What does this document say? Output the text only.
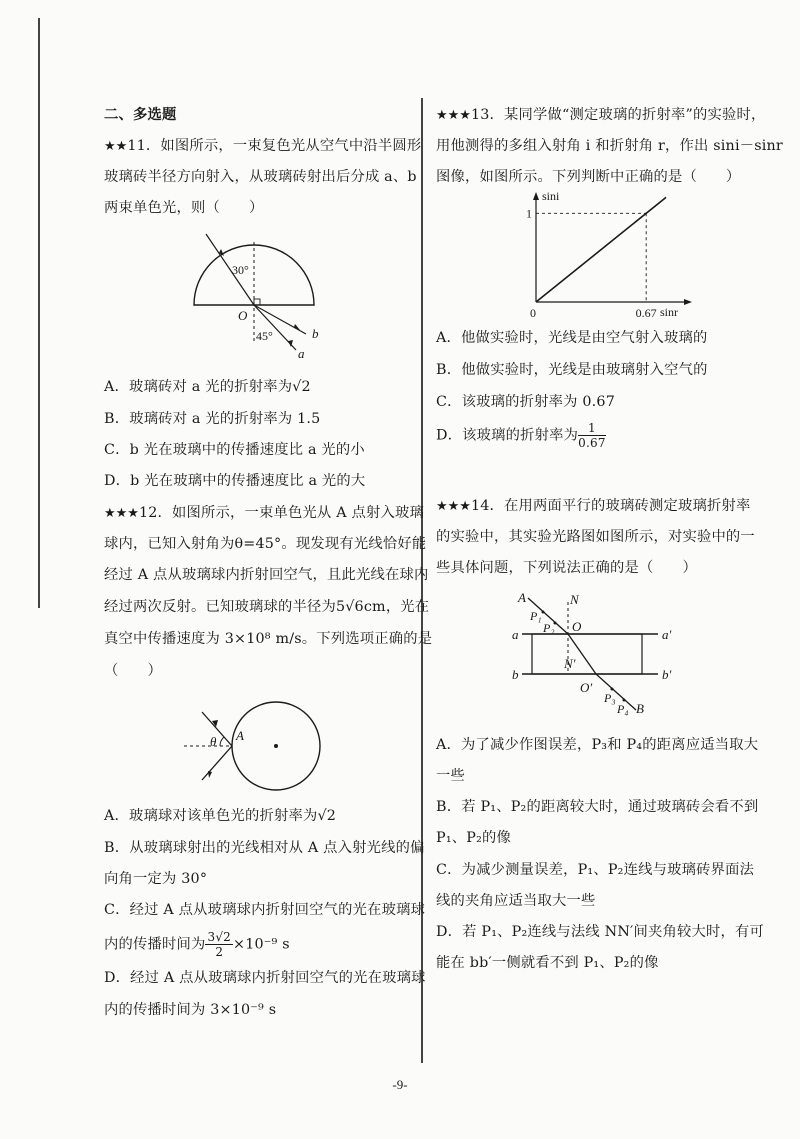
二、多选题
★★11．如图所示，一束复色光从空气中沿半圆形
玻璃砖半径方向射入，从玻璃砖射出后分成 a、b
两束单色光，则（　　）
30°
45°
O
b
a
A．玻璃砖对 a 光的折射率为√2
B．玻璃砖对 a 光的折射率为 1.5
C．b 光在玻璃中的传播速度比 a 光的小
D．b 光在玻璃中的传播速度比 a 光的大
★★★12．如图所示，一束单色光从 A 点射入玻璃
球内，已知入射角为θ=45°。现发现有光线恰好能
经过 A 点从玻璃球内折射回空气，且此光线在球内
经过两次反射。已知玻璃球的半径为5√6cm，光在
真空中传播速度为 3×10⁸ m/s。下列选项正确的是
（　　）
θ A
A．玻璃球对该单色光的折射率为√2
B．从玻璃球射出的光线相对从 A 点入射光线的偏
向角一定为 30°
C．经过 A 点从玻璃球内折射回空气的光在玻璃球
内的传播时间为 $\frac{3√2}{2} \times 10^{-9}$ s
D．经过 A 点从玻璃球内折射回空气的光在玻璃球
内的传播时间为 3×10⁻⁹ s
★★★13．某同学做“测定玻璃的折射率”的实验时，
用他测得的多组入射角 i 和折射角 r，作出 sini－sinr
图像，如图所示。下列判断中正确的是（　　）
sini
sinr
0	0.67
1
A．他做实验时，光线是由空气射入玻璃的
B．他做实验时，光线是由玻璃射入空气的
C．该玻璃的折射率为 0.67
D．该玻璃的折射率为 $\frac{1}{0.67}$
★★★14．在用两面平行的玻璃砖测定玻璃折射率
的实验中，其实验光路图如图所示，对实验中的一
些具体问题，下列说法正确的是（　　）
A	N
P₁
P₂ O
a	a′
b	b′
N′
O′
P₃
P₄ B
A．为了减少作图误差，P₃和 P₄的距离应适当取大
一些
B．若 P₁、P₂的距离较大时，通过玻璃砖会看不到
P₁、P₂的像
C．为减少测量误差，P₁、P₂连线与玻璃砖界面法
线的夹角应适当取大一些
D．若 P₁、P₂连线与法线 NN′间夹角较大时，有可
能在 bb′一侧就看不到 P₁、P₂的像
-9-
